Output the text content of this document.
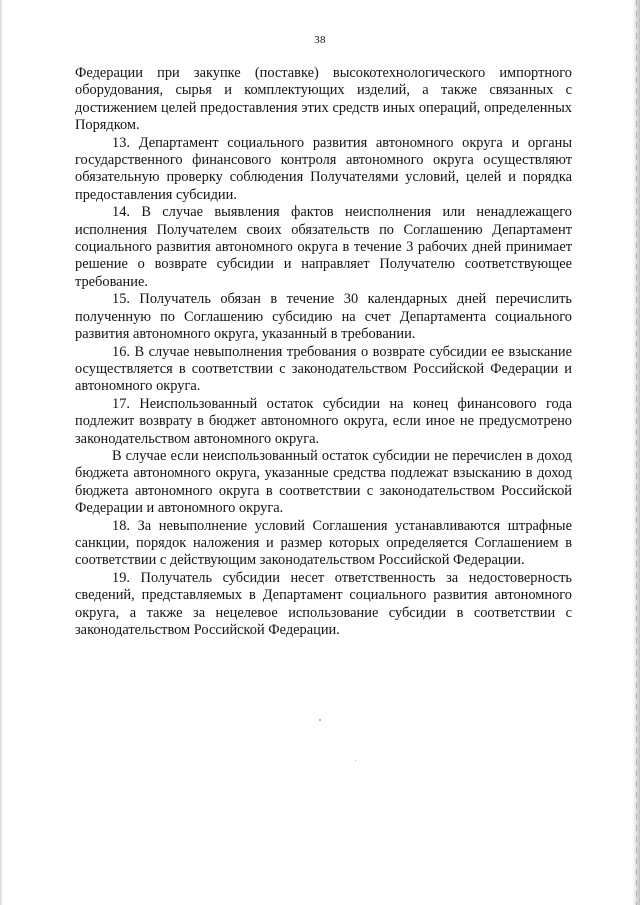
38

Федерации при закупке (поставке) высокотехнологического импортного оборудования, сырья и комплектующих изделий, а также связанных с достижением целей предоставления этих средств иных операций, определенных Порядком.

13. Департамент социального развития автономного округа и органы государственного финансового контроля автономного округа осуществляют обязательную проверку соблюдения Получателями условий, целей и порядка предоставления субсидии.

14. В случае выявления фактов неисполнения или ненадлежащего исполнения Получателем своих обязательств по Соглашению Департамент социального развития автономного округа в течение 3 рабочих дней принимает решение о возврате субсидии и направляет Получателю соответствующее требование.

15. Получатель обязан в течение 30 календарных дней перечислить полученную по Соглашению субсидию на счет Департамента социального развития автономного округа, указанный в требовании.

16. В случае невыполнения требования о возврате субсидии ее взыскание осуществляется в соответствии с законодательством Российской Федерации и автономного округа.

17. Неиспользованный остаток субсидии на конец финансового года подлежит возврату в бюджет автономного округа, если иное не предусмотрено законодательством автономного округа.

В случае если неиспользованный остаток субсидии не перечислен в доход бюджета автономного округа, указанные средства подлежат взысканию в доход бюджета автономного округа в соответствии с законодательством Российской Федерации и автономного округа.

18. За невыполнение условий Соглашения устанавливаются штрафные санкции, порядок наложения и размер которых определяется Соглашением в соответствии с действующим законодательством Российской Федерации.

19. Получатель субсидии несет ответственность за недостоверность сведений, представляемых в Департамент социального развития автономного округа, а также за нецелевое использование субсидии в соответствии с законодательством Российской Федерации.
